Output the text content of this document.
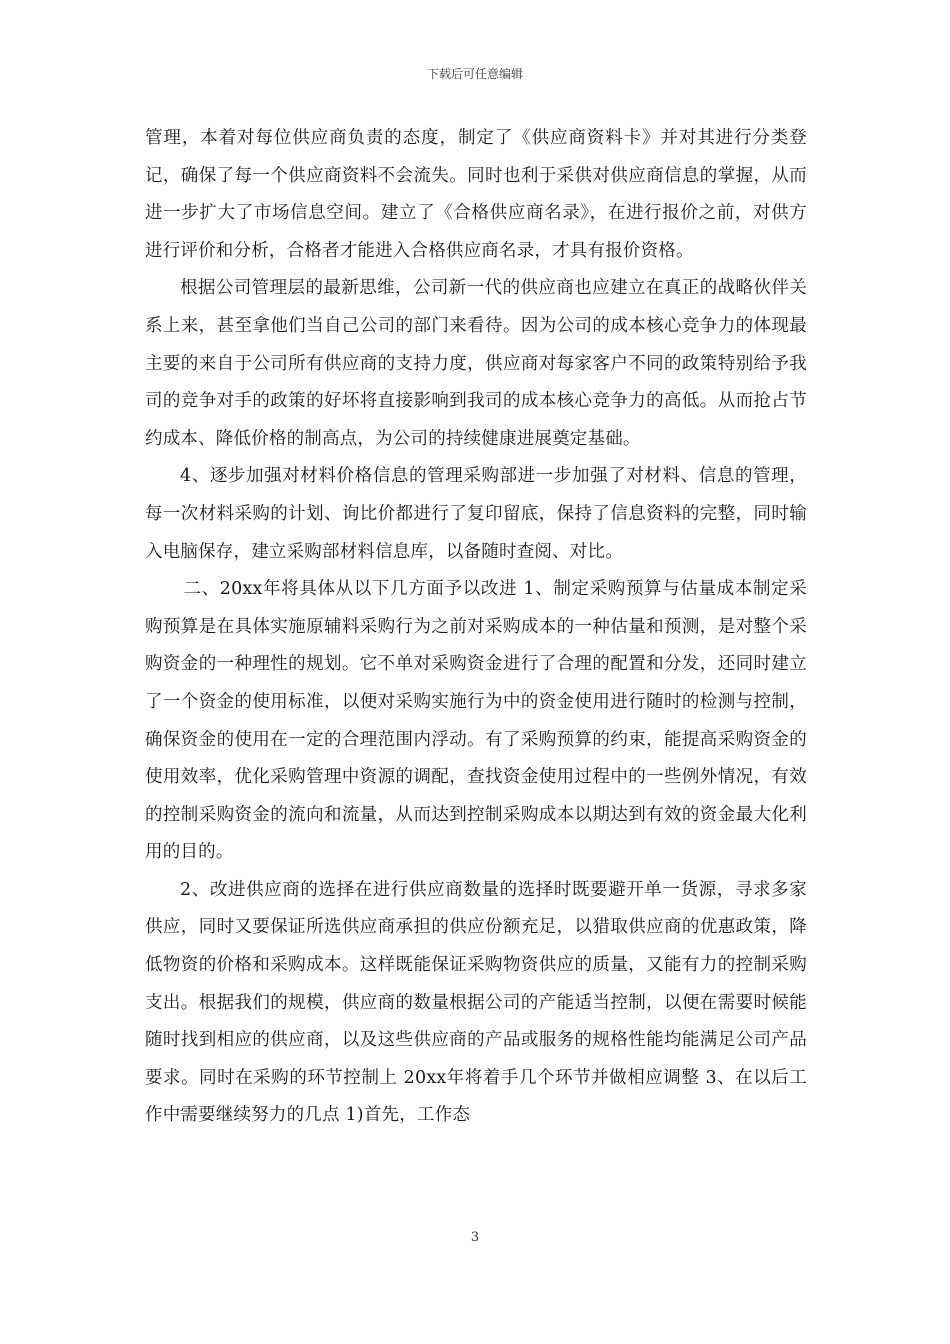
下载后可任意编辑

管理，本着对每位供应商负责的态度，制定了《供应商资料卡》并对其进行分类登记，确保了每一个供应商资料不会流失。同时也利于采供对供应商信息的掌握，从而进一步扩大了市场信息空间。建立了《合格供应商名录》，在进行报价之前，对供方进行评价和分析，合格者才能进入合格供应商名录，才具有报价资格。

根据公司管理层的最新思维，公司新一代的供应商也应建立在真正的战略伙伴关系上来，甚至拿他们当自己公司的部门来看待。因为公司的成本核心竞争力的体现最主要的来自于公司所有供应商的支持力度，供应商对每家客户不同的政策特别给予我司的竞争对手的政策的好坏将直接影响到我司的成本核心竞争力的高低。从而抢占节约成本、降低价格的制高点，为公司的持续健康进展奠定基础。

4、逐步加强对材料价格信息的管理采购部进一步加强了对材料、信息的管理，每一次材料采购的计划、询比价都进行了复印留底，保持了信息资料的完整，同时输入电脑保存，建立采购部材料信息库，以备随时查阅、对比。

二、20xx年将具体从以下几方面予以改进 1、制定采购预算与估量成本制定采购预算是在具体实施原辅料采购行为之前对采购成本的一种估量和预测，是对整个采购资金的一种理性的规划。它不单对采购资金进行了合理的配置和分发，还同时建立了一个资金的使用标准，以便对采购实施行为中的资金使用进行随时的检测与控制，确保资金的使用在一定的合理范围内浮动。有了采购预算的约束，能提高采购资金的使用效率，优化采购管理中资源的调配，查找资金使用过程中的一些例外情况，有效的控制采购资金的流向和流量，从而达到控制采购成本以期达到有效的资金最大化利用的目的。

2、改进供应商的选择在进行供应商数量的选择时既要避开单一货源，寻求多家供应，同时又要保证所选供应商承担的供应份额充足，以猎取供应商的优惠政策，降低物资的价格和采购成本。这样既能保证采购物资供应的质量，又能有力的控制采购支出。根据我们的规模，供应商的数量根据公司的产能适当控制，以便在需要时候能随时找到相应的供应商，以及这些供应商的产品或服务的规格性能均能满足公司产品要求。同时在采购的环节控制上 20xx年将着手几个环节并做相应调整 3、在以后工作中需要继续努力的几点 1)首先，工作态

3
